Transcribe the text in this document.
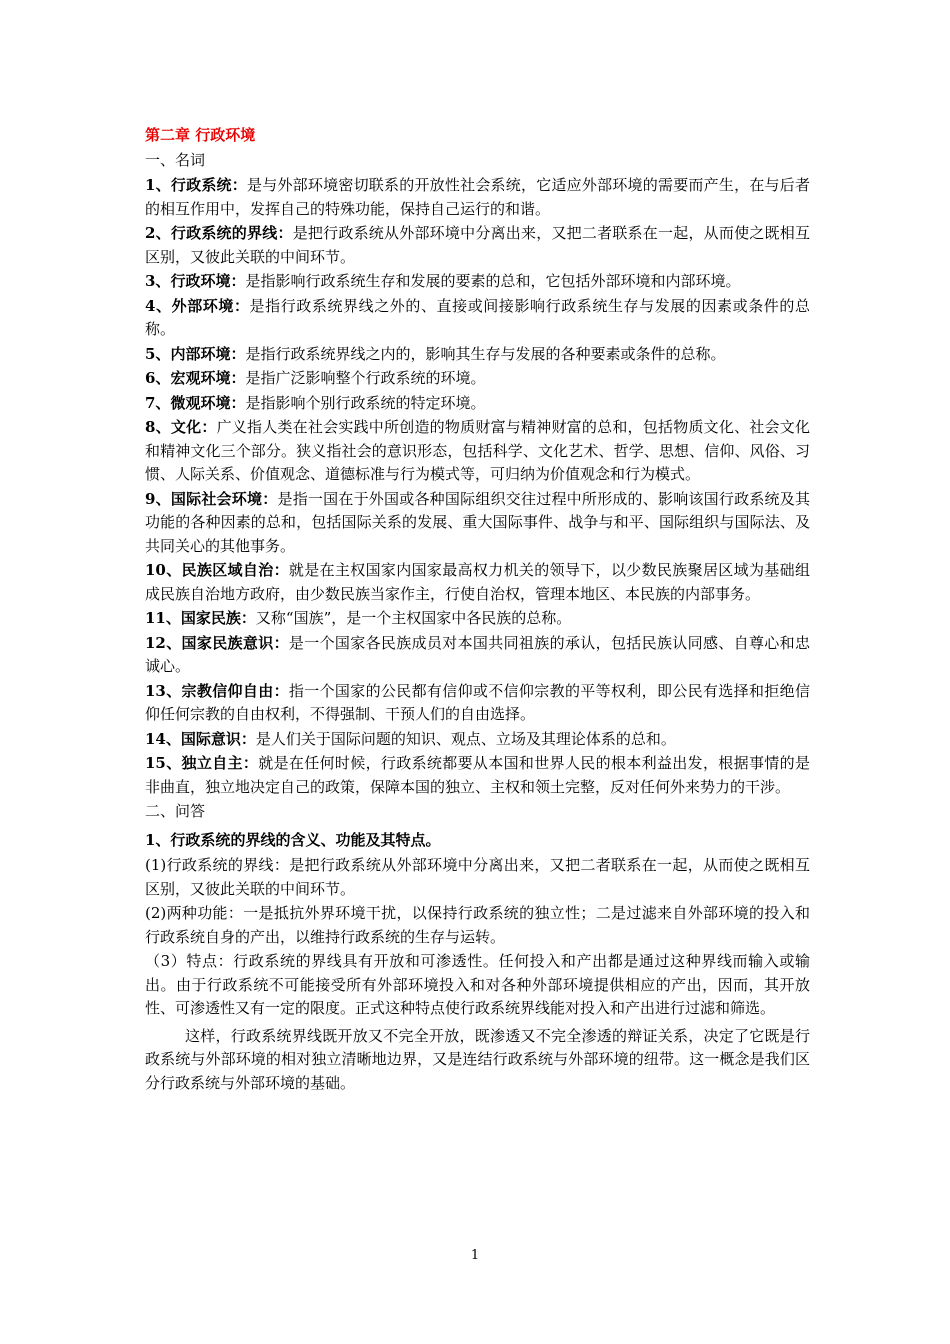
第二章 行政环境
一、名词

1、行政系统：是与外部环境密切联系的开放性社会系统，它适应外部环境的需要而产生，在与后者的相互作用中，发挥自己的特殊功能，保持自己运行的和谐。

2、行政系统的界线：是把行政系统从外部环境中分离出来，又把二者联系在一起，从而使之既相互区别，又彼此关联的中间环节。

3、行政环境：是指影响行政系统生存和发展的要素的总和，它包括外部环境和内部环境。

4、外部环境：是指行政系统界线之外的、直接或间接影响行政系统生存与发展的因素或条件的总称。

5、内部环境：是指行政系统界线之内的，影响其生存与发展的各种要素或条件的总称。

6、宏观环境：是指广泛影响整个行政系统的环境。

7、微观环境：是指影响个别行政系统的特定环境。

8、文化：广义指人类在社会实践中所创造的物质财富与精神财富的总和，包括物质文化、社会文化和精神文化三个部分。狭义指社会的意识形态，包括科学、文化艺术、哲学、思想、信仰、风俗、习惯、人际关系、价值观念、道德标准与行为模式等，可归纳为价值观念和行为模式。

9、国际社会环境：是指一国在于外国或各种国际组织交往过程中所形成的、影响该国行政系统及其功能的各种因素的总和，包括国际关系的发展、重大国际事件、战争与和平、国际组织与国际法、及共同关心的其他事务。

10、民族区域自治：就是在主权国家内国家最高权力机关的领导下，以少数民族聚居区域为基础组成民族自治地方政府，由少数民族当家作主，行使自治权，管理本地区、本民族的内部事务。

11、国家民族：又称“国族”，是一个主权国家中各民族的总称。

12、国家民族意识：是一个国家各民族成员对本国共同祖族的承认，包括民族认同感、自尊心和忠诚心。

13、宗教信仰自由：指一个国家的公民都有信仰或不信仰宗教的平等权利，即公民有选择和拒绝信仰任何宗教的自由权利，不得强制、干预人们的自由选择。

14、国际意识：是人们关于国际问题的知识、观点、立场及其理论体系的总和。

15、独立自主：就是在任何时候，行政系统都要从本国和世界人民的根本利益出发，根据事情的是非曲直，独立地决定自己的政策，保障本国的独立、主权和领土完整，反对任何外来势力的干涉。

二、问答
1、行政系统的界线的含义、功能及其特点。

(1)行政系统的界线：是把行政系统从外部环境中分离出来，又把二者联系在一起，从而使之既相互区别，又彼此关联的中间环节。

(2)两种功能：一是抵抗外界环境干扰，以保持行政系统的独立性；二是过滤来自外部环境的投入和行政系统自身的产出，以维持行政系统的生存与运转。

（3）特点：行政系统的界线具有开放和可渗透性。任何投入和产出都是通过这种界线而输入或输出。由于行政系统不可能接受所有外部环境投入和对各种外部环境提供相应的产出，因而，其开放性、可渗透性又有一定的限度。正式这种特点使行政系统界线能对投入和产出进行过滤和筛选。

这样，行政系统界线既开放又不完全开放，既渗透又不完全渗透的辩证关系，决定了它既是行政系统与外部环境的相对独立清晰地边界，又是连结行政系统与外部环境的纽带。这一概念是我们区分行政系统与外部环境的基础。

1
